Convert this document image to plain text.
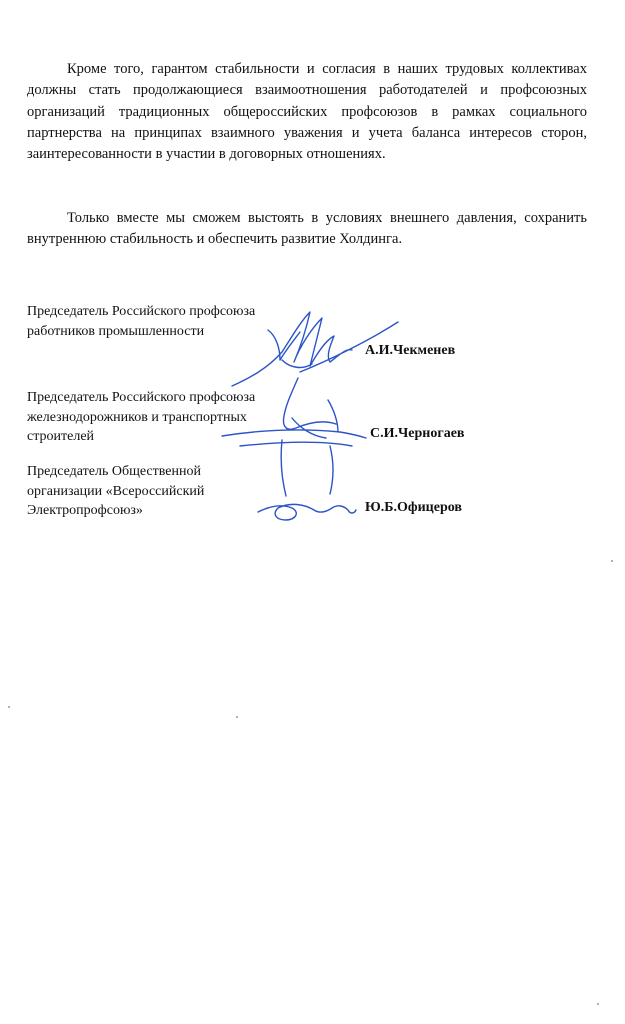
Кроме того, гарантом стабильности и согласия в наших трудовых коллективах должны стать продолжающиеся взаимоотношения работодателей и профсоюзных организаций традиционных общероссийских профсоюзов в рамках социального партнерства на принципах взаимного уважения и учета баланса интересов сторон, заинтересованности в участии в договорных отношениях.

Только вместе мы сможем выстоять в условиях внешнего давления, сохранить внутреннюю стабильность и обеспечить развитие Холдинга.

Председатель Российского профсоюза работников промышленности

А.И.Чекменев

Председатель Российского профсоюза железнодорожников и транспортных строителей	С.И.Черногаев

Председатель Общественной организации «Всероссийский Электропрофсоюз»	Ю.Б.Офицеров
